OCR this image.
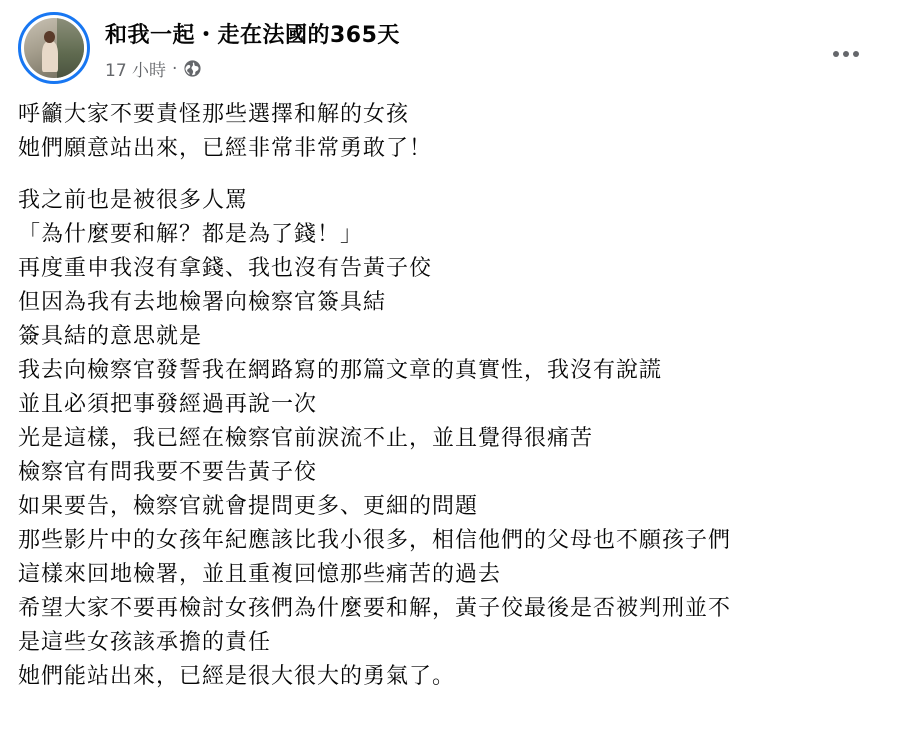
和我一起・走在法國的365天
17 小時 ·

呼籲大家不要責怪那些選擇和解的女孩

她們願意站出來，已經非常非常勇敢了！

我之前也是被很多人罵

「為什麼要和解？都是為了錢！」

再度重申我沒有拿錢、我也沒有告黃子佼

但因為我有去地檢署向檢察官簽具結

簽具結的意思就是

我去向檢察官發誓我在網路寫的那篇文章的真實性，我沒有說謊

並且必須把事發經過再說一次

光是這樣，我已經在檢察官前淚流不止，並且覺得很痛苦

檢察官有問我要不要告黃子佼

如果要告，檢察官就會提問更多、更細的問題

那些影片中的女孩年紀應該比我小很多，相信他們的父母也不願孩子們

這樣來回地檢署，並且重複回憶那些痛苦的過去

希望大家不要再檢討女孩們為什麼要和解，黃子佼最後是否被判刑並不

是這些女孩該承擔的責任

她們能站出來，已經是很大很大的勇氣了。
